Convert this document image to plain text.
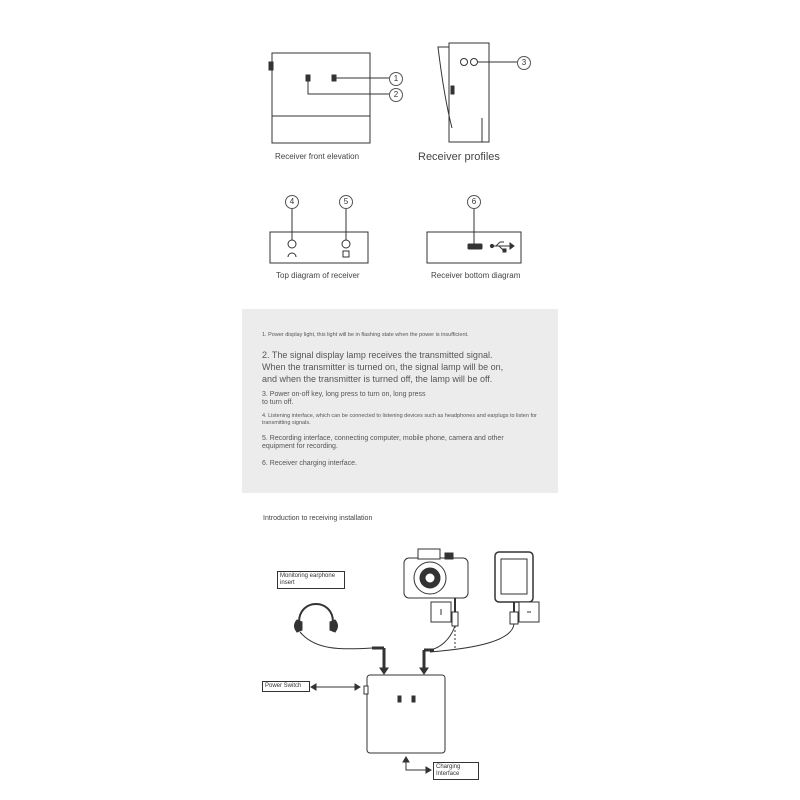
1
2
3
4	5	6
Receiver front elevation	Receiver profiles
Top diagram of receiver	Receiver bottom diagram
1. Power display light, this light will be in flashing state when the power is insufficient.
2. The signal display lamp receives the transmitted signal.
When the transmitter is turned on, the signal lamp will be on,
and when the transmitter is turned off, the lamp will be off.
3. Power on-off key, long press to turn on, long press
to turn off.
4. Listening interface, which can be connected to listening devices such as headphones and earplugs to listen for
transmitting signals.
5. Recording interface, connecting computer, mobile phone, camera and other
equipment for recording.
6. Receiver charging interface.
Introduction to receiving installation
Monitoring earphone
insert
Power Switch
Charging
Interface
